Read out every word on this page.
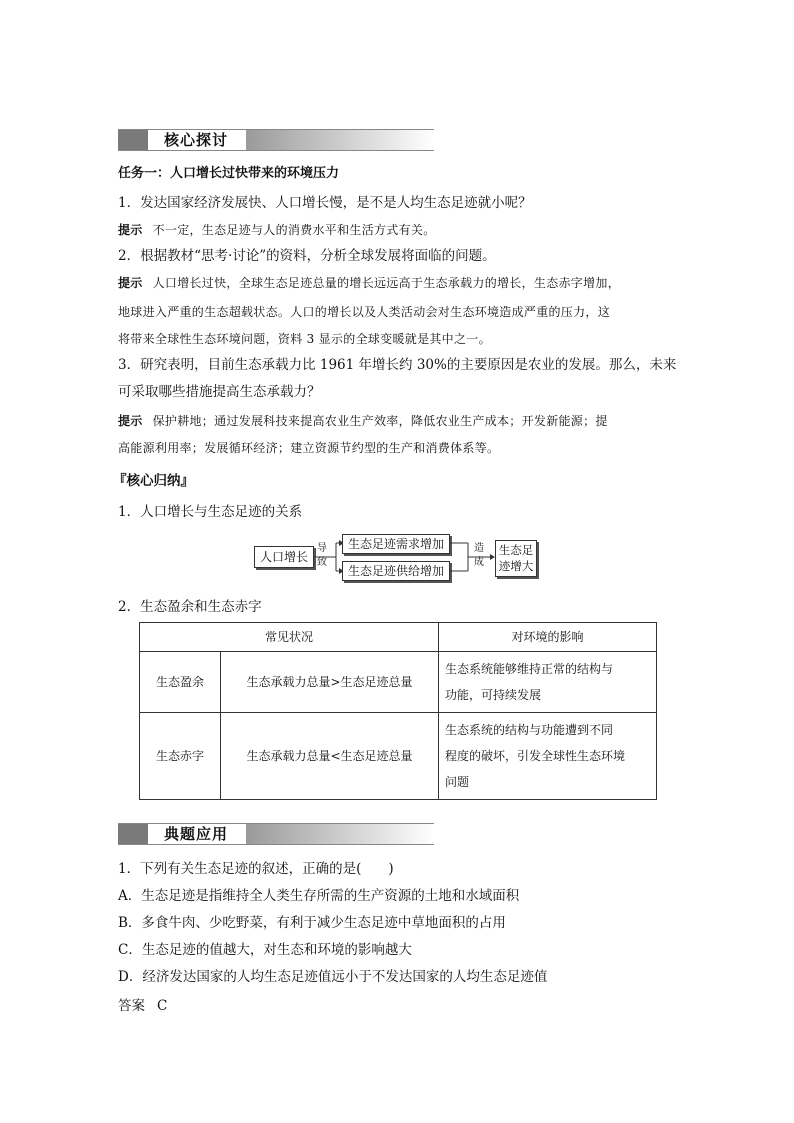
核心探讨
任务一：人口增长过快带来的环境压力
1．发达国家经济发展快、人口增长慢，是不是人均生态足迹就小呢？
提示 不一定，生态足迹与人的消费水平和生活方式有关。
2．根据教材“思考·讨论”的资料，分析全球发展将面临的问题。
提示 人口增长过快，全球生态足迹总量的增长远远高于生态承载力的增长，生态赤字增加，
地球进入严重的生态超载状态。人口的增长以及人类活动会对生态环境造成严重的压力，这
将带来全球性生态环境问题，资料 3 显示的全球变暖就是其中之一。
3．研究表明，目前生态承载力比 1961 年增长约 30%的主要原因是农业的发展。那么，未来
可采取哪些措施提高生态承载力？
提示 保护耕地；通过发展科技来提高农业生产效率，降低农业生产成本；开发新能源；提
高能源利用率；发展循环经济；建立资源节约型的生产和消费体系等。
『核心归纳』
1．人口增长与生态足迹的关系
人口增长
导
致
生态足迹需求增加
生态足迹供给增加
造
成
生态足
迹增大
2．生态盈余和生态赤字
常见状况		对环境的影响
生态盈余	生态承载力总量>生态足迹总量	生态系统能够维持正常的结构与
功能，可持续发展

生态赤字	生态承载力总量<生态足迹总量	生态系统的结构与功能遭到不同
程度的破坏，引发全球性生态环境
问题
典题应用
1．下列有关生态足迹的叙述，正确的是(　　)
A．生态足迹是指维持全人类生存所需的生产资源的土地和水域面积
B．多食牛肉、少吃野菜，有利于减少生态足迹中草地面积的占用
C．生态足迹的值越大，对生态和环境的影响越大
D．经济发达国家的人均生态足迹值远小于不发达国家的人均生态足迹值
答案 C
